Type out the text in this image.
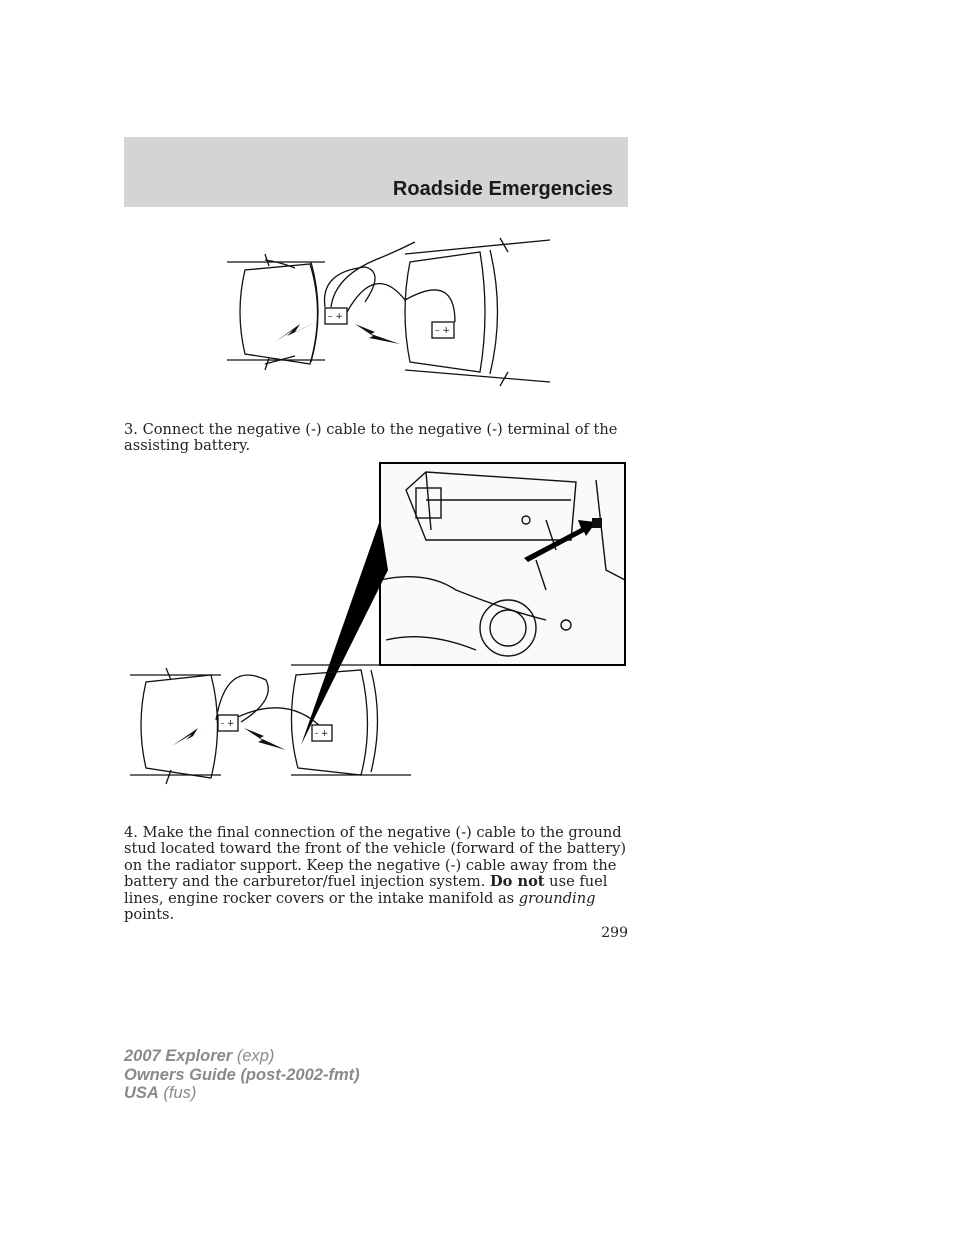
Roadside Emergencies
– +
– +

3. Connect the negative (-) cable to the negative (-) terminal of the assisting battery.

- +
- +

4. Make the final connection of the negative (-) cable to the ground stud located toward the front of the vehicle (forward of the battery) on the radiator support. Keep the negative (-) cable away from the battery and the carburetor/fuel injection system. Do not use fuel lines, engine rocker covers or the intake manifold as grounding points.

299
2007 Explorer (exp)
Owners Guide (post-2002-fmt)
USA (fus)
